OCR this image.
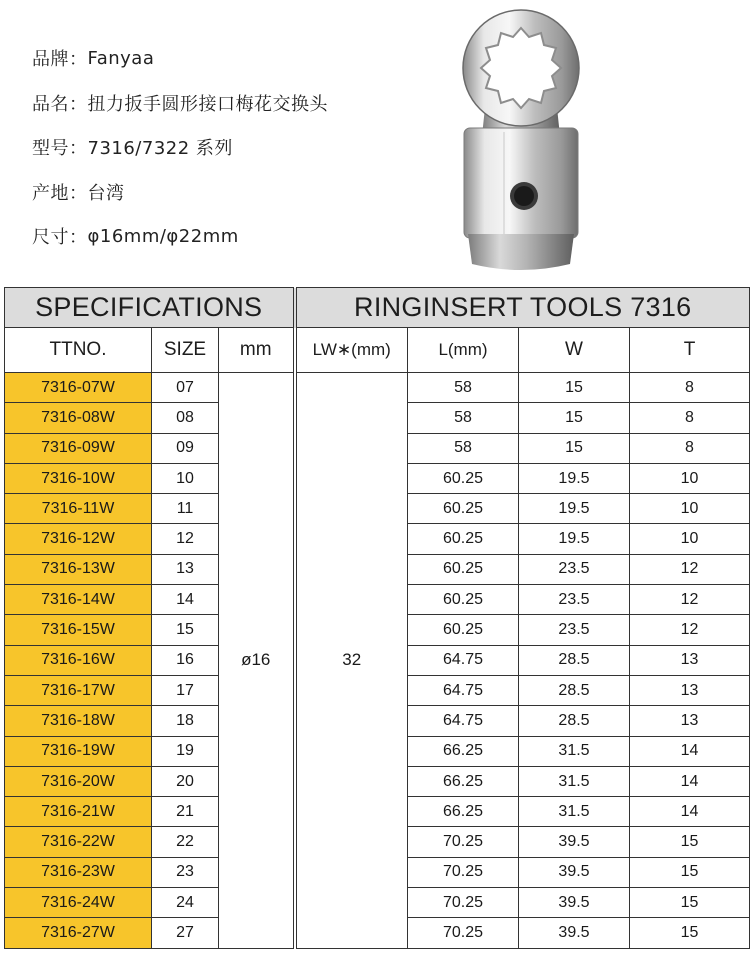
品牌： Fanyaa
品名： 扭力扳手圆形接口梅花交换头
型号： 7316/7322 系列
产地： 台湾
尺寸： φ16mm/φ22mm
SPECIFICATIONS			RINGINSERT TOOLS 7316			
TTNO.	SIZE	mm	LW∗(mm)	L(mm)	W	T
7316-07W	07	ø16	32	58	15	8
7316-08W	08			58	15	8
7316-09W	09			58	15	8
7316-10W	10			60.25	19.5	10
7316-11W	11			60.25	19.5	10
7316-12W	12			60.25	19.5	10
7316-13W	13			60.25	23.5	12
7316-14W	14			60.25	23.5	12
7316-15W	15			60.25	23.5	12
7316-16W	16			64.75	28.5	13
7316-17W	17			64.75	28.5	13
7316-18W	18			64.75	28.5	13
7316-19W	19			66.25	31.5	14
7316-20W	20			66.25	31.5	14
7316-21W	21			66.25	31.5	14
7316-22W	22			70.25	39.5	15
7316-23W	23			70.25	39.5	15
7316-24W	24			70.25	39.5	15
7316-27W	27			70.25	39.5	15
